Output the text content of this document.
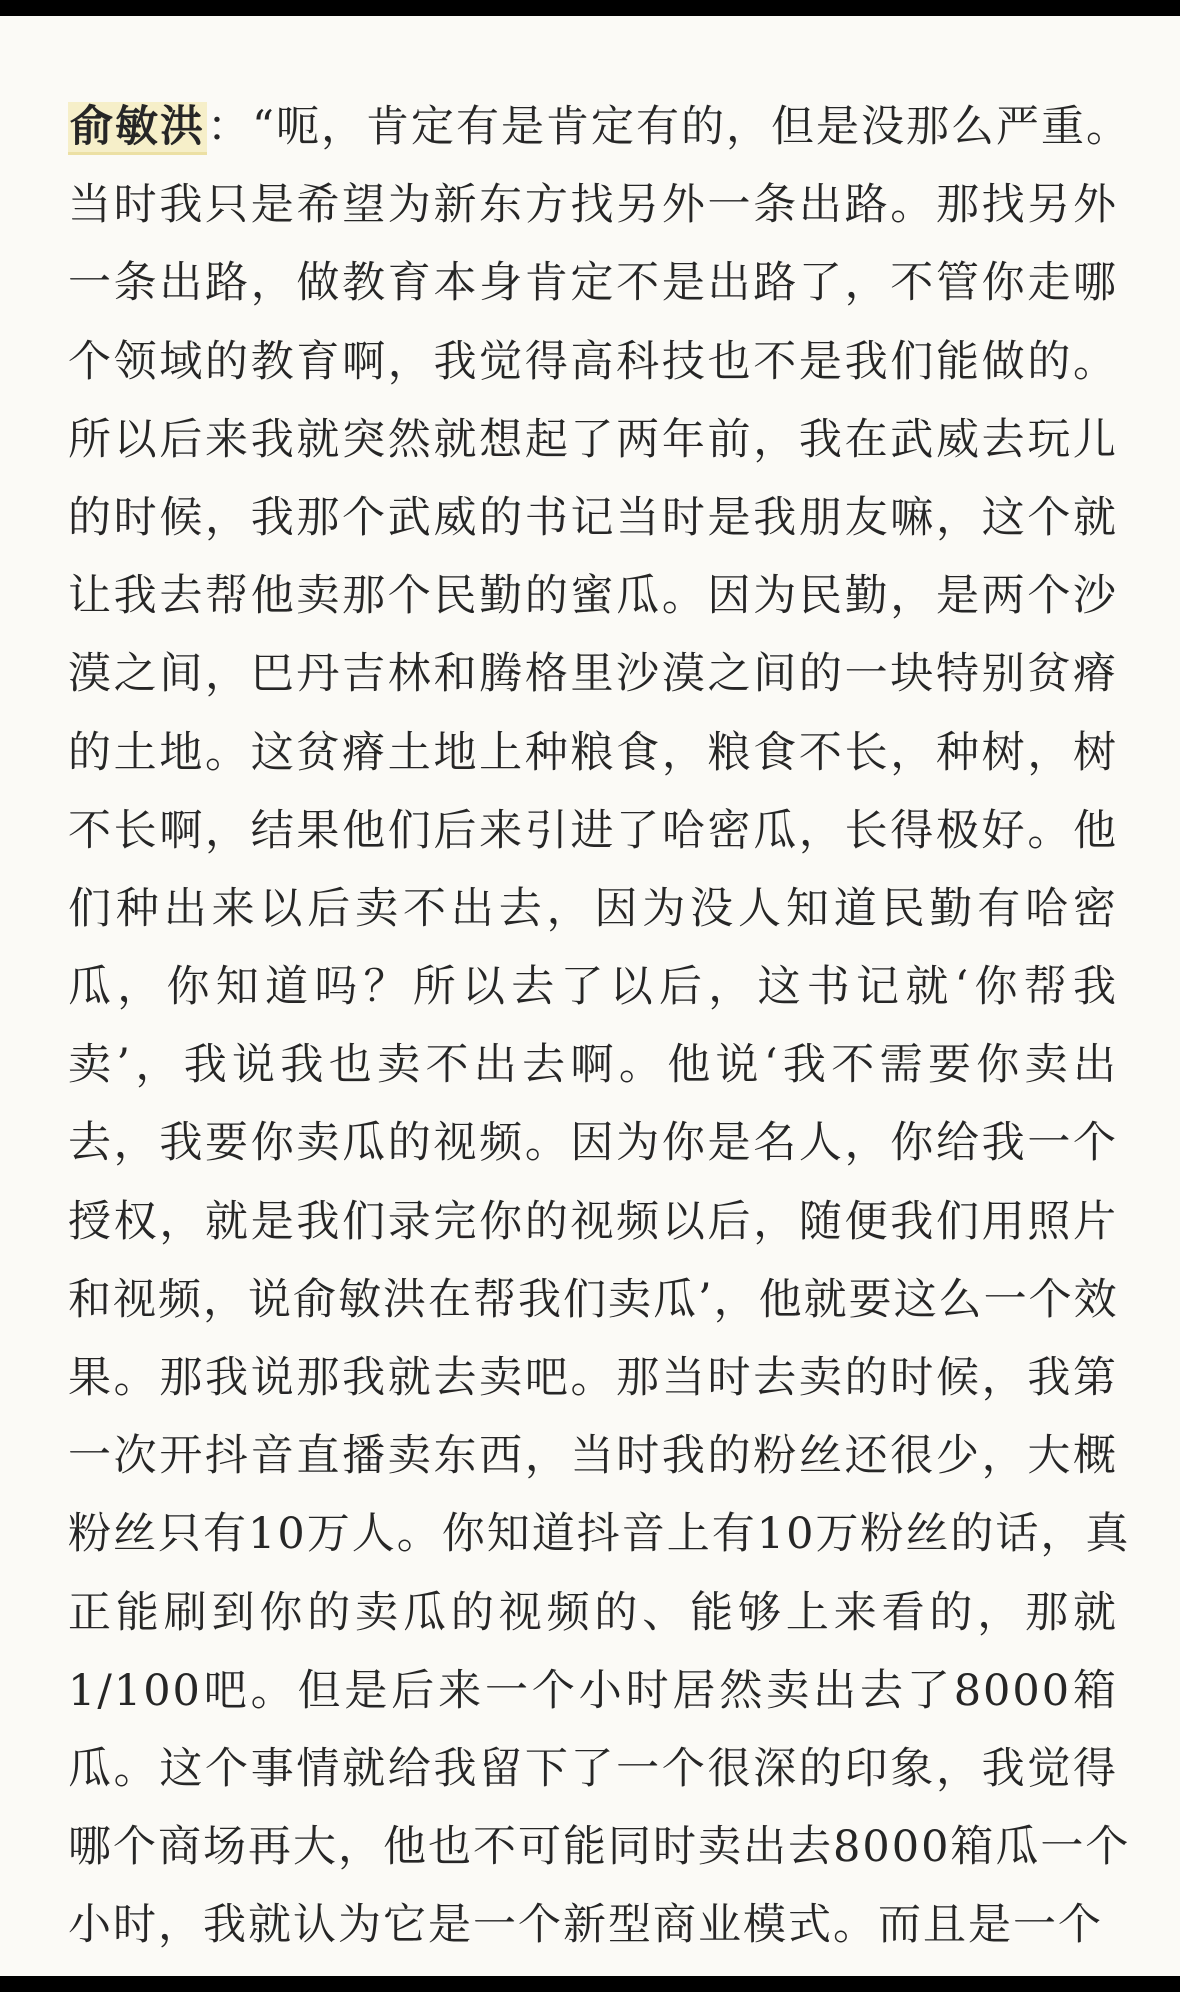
俞敏洪：“呃，肯定有是肯定有的，但是没那么严重。
当时我只是希望为新东方找另外一条出路。那找另外
一条出路，做教育本身肯定不是出路了，不管你走哪
个领域的教育啊，我觉得高科技也不是我们能做的。
所以后来我就突然就想起了两年前，我在武威去玩儿
的时候，我那个武威的书记当时是我朋友嘛，这个就
让我去帮他卖那个民勤的蜜瓜。因为民勤，是两个沙
漠之间，巴丹吉林和腾格里沙漠之间的一块特别贫瘠
的土地。这贫瘠土地上种粮食，粮食不长，种树，树
不长啊，结果他们后来引进了哈密瓜，长得极好。他
们种出来以后卖不出去，因为没人知道民勤有哈密
瓜，你知道吗？所以去了以后，这书记就‘你帮我
卖’，我说我也卖不出去啊。他说‘我不需要你卖出
去，我要你卖瓜的视频。因为你是名人，你给我一个
授权，就是我们录完你的视频以后，随便我们用照片
和视频，说俞敏洪在帮我们卖瓜’，他就要这么一个效
果。那我说那我就去卖吧。那当时去卖的时候，我第
一次开抖音直播卖东西，当时我的粉丝还很少，大概
粉丝只有10万人。你知道抖音上有10万粉丝的话，真
正能刷到你的卖瓜的视频的、能够上来看的，那就
1/100吧。但是后来一个小时居然卖出去了8000箱
瓜。这个事情就给我留下了一个很深的印象，我觉得
哪个商场再大，他也不可能同时卖出去8000箱瓜一个
小时，我就认为它是一个新型商业模式。而且是一个
